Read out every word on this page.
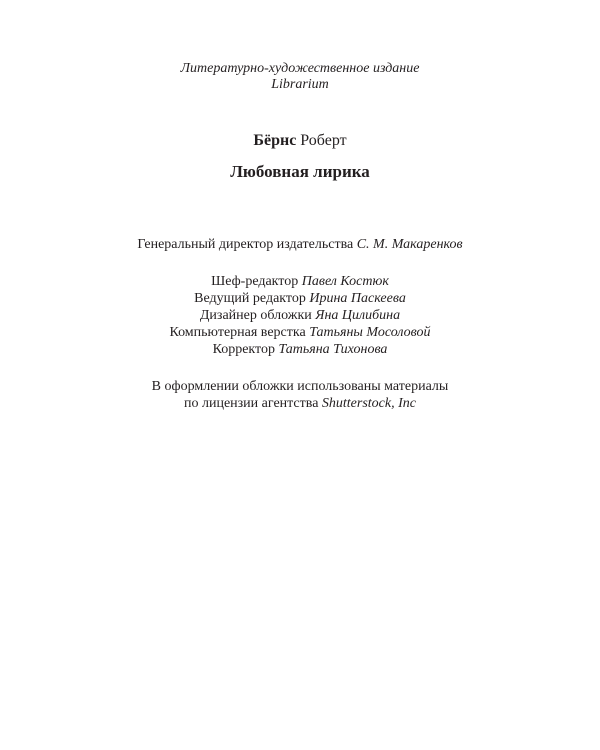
Литературно-художественное издание
Librarium
Бёрнс Роберт
Любовная лирика
Генеральный директор издательства С. М. Макаренков
Шеф-редактор Павел Костюк
Ведущий редактор Ирина Паскеева
Дизайнер обложки Яна Цилибина
Компьютерная верстка Татьяны Мосоловой
Корректор Татьяна Тихонова
В оформлении обложки использованы материалы
по лицензии агентства Shutterstock, Inc
